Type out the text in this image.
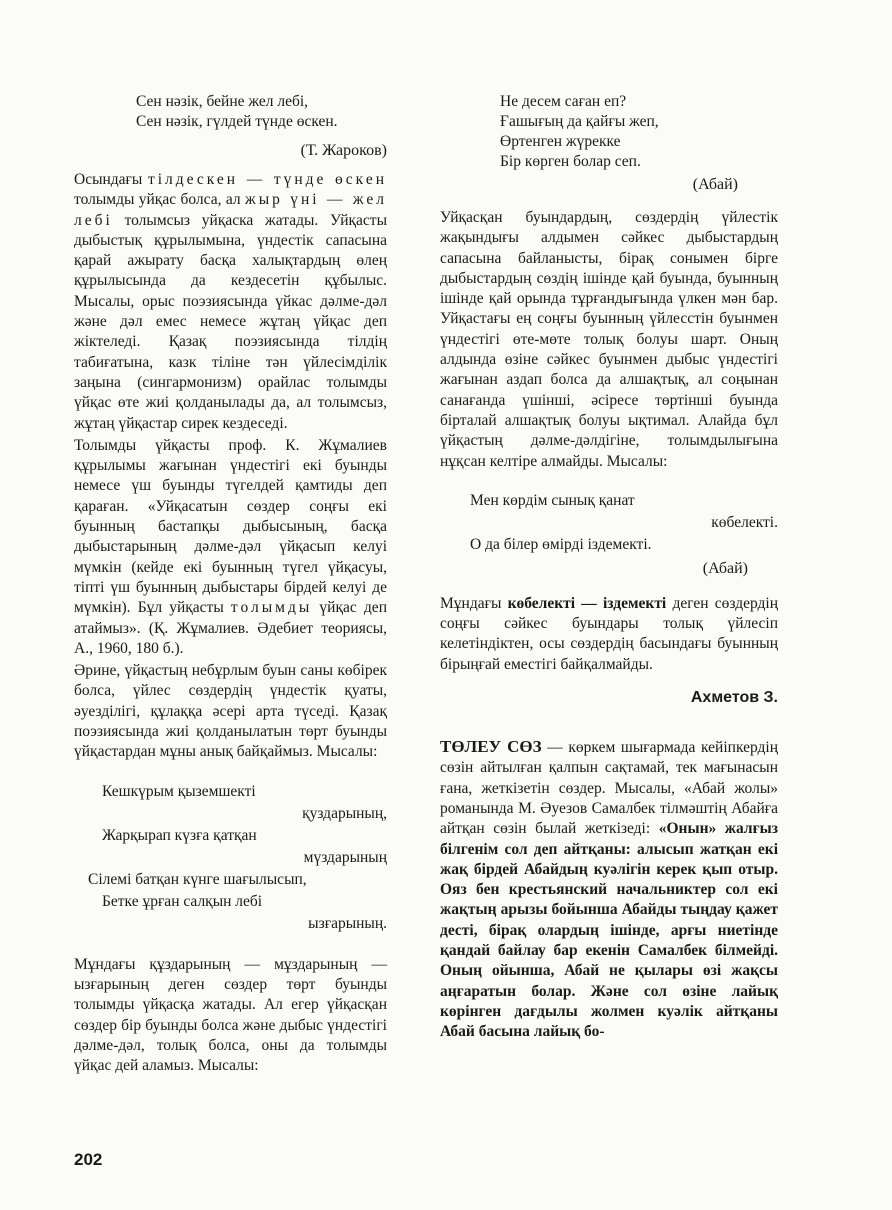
Сен нәзік, бейне жел лебі,
Сен нәзік, гүлдей түнде өскен.
(Т. Жароков)

Осындағы тілдескен — түнде өскен толымды уйқас болса, ал жыр үні — жел лебі толымсыз уйқаска жатады. Уйқасты дыбыстық құрылымына, үндестік сапасына қарай ажырату басқа халықтардың өлең құрылысында да кездесетін құбылыс. Мысалы, орыс поэзиясында үйкас дәлме-дәл және дәл емес немесе жұтаң үйқас деп жіктеледі. Қазақ поэзиясында тілдің табиғатына, казк тіліне тән үйлесімділік заңына (сингармонизм) орайлас толымды үйқас өте жиі қолданылады да, ал толымсыз, жұтаң үйқастар сирек кездеседі.

Толымды үйқасты проф. К. Жұмалиев құрылымы жағынан үндестігі екі буынды немесе үш буынды түгелдей қамтиды деп қараған. «Уйқасатын сөздер соңғы екі буынның бастапқы дыбысының, басқа дыбыстарының дәлме-дәл үйқасып келуі мүмкін (кейде екі буынның түгел үйқасуы, тіпті үш буынның дыбыстары бірдей келуі де мүмкін). Бұл уйқасты толымды үйқас деп атаймыз». (Қ. Жұмалиев. Әдебиет теориясы, А., 1960, 180 б.).

Әрине, үйқастың небұрлым буын саны көбірек болса, үйлес сөздердің үндестік қуаты, әуезділігі, құлаққа әсері арта түседі. Қазақ поэзиясында жиі қолданылатын төрт буынды үйқастардан мұны анық байқаймыз. Мысалы:

Кешкүрым қыземшекті
қуздарының,
Жарқырап күзға қатқан
мүздарының
Сілемі батқан күнге шағылысып,
Бетке ұрған салқын лебі
ызғарының.

Мұндағы құздарының — мұздарының — ызғарының деген сөздер төрт буынды толымды үйқасқа жатады. Ал егер үйқасқан сөздер бір буынды болса және дыбыс үндестігі дәлме-дәл, толық болса, оны да толымды үйқас дей аламыз. Мысалы:

Не десем саған еп?
Ғашығың да қайғы жеп,
Өртенген жүрекке
Бір көрген болар сеп.
(Абай)

Уйқасқан буындардың, сөздердің үйлестік жақындығы алдымен сәйкес дыбыстардың сапасына байланысты, бірақ сонымен бірге дыбыстардың сөздің ішінде қай буында, буынның ішінде қай орында тұрғандығында үлкен мән бар. Уйқастағы ең соңғы буынның үйлесстін буынмен үндестігі өте-мөте толық болуы шарт. Оның алдында өзіне сәйкес буынмен дыбыс үндестігі жағынан аздап болса да алшақтық, ал соңынан санағанда үшінші, әсіресе төртінші буында бірталай алшақтық болуы ықтимал. Алайда бұл үйқастың дәлме-дәлдігіне, толымдылығына нұқсан келтіре алмайды. Мысалы:

Мен көрдім сынық қанат
көбелекті.
О да білер өмірді іздемекті.
(Абай)

Мұндағы көбелекті — іздемекті деген сөздердің соңғы сәйкес буындары толық үйлесіп келетіндіктен, осы сөздердің басындағы буынның бірыңғай еместігі байқалмайды.

Ахметов З.

ТӨЛЕУ СӨЗ — көркем шығармада кейіпкердің сөзін айтылған қалпын сақтамай, тек мағынасын ғана, жеткізетін сөздер. Мысалы, «Абай жолы» романында М. Әуезов Самалбек тілмәштің Абайға айтқан сөзін былай жеткізеді: «Онын» жалғыз білгенім сол деп айтқаны: алысып жатқан екі жақ бірдей Абайдың куәлігін керек қып отыр. Ояз бен крестьянский начальниктер сол екі жақтың арызы бойынша Абайды тыңдау қажет десті, бірақ олардың ішінде, арғы ниетінде қандай байлау бар екенін Самалбек білмейді. Оның ойынша, Абай не қылары өзі жақсы аңғаратын болар. Және сол өзіне лайық көрінген дағдылы жолмен куәлік айтқаны Абай басына лайық бо-

202
